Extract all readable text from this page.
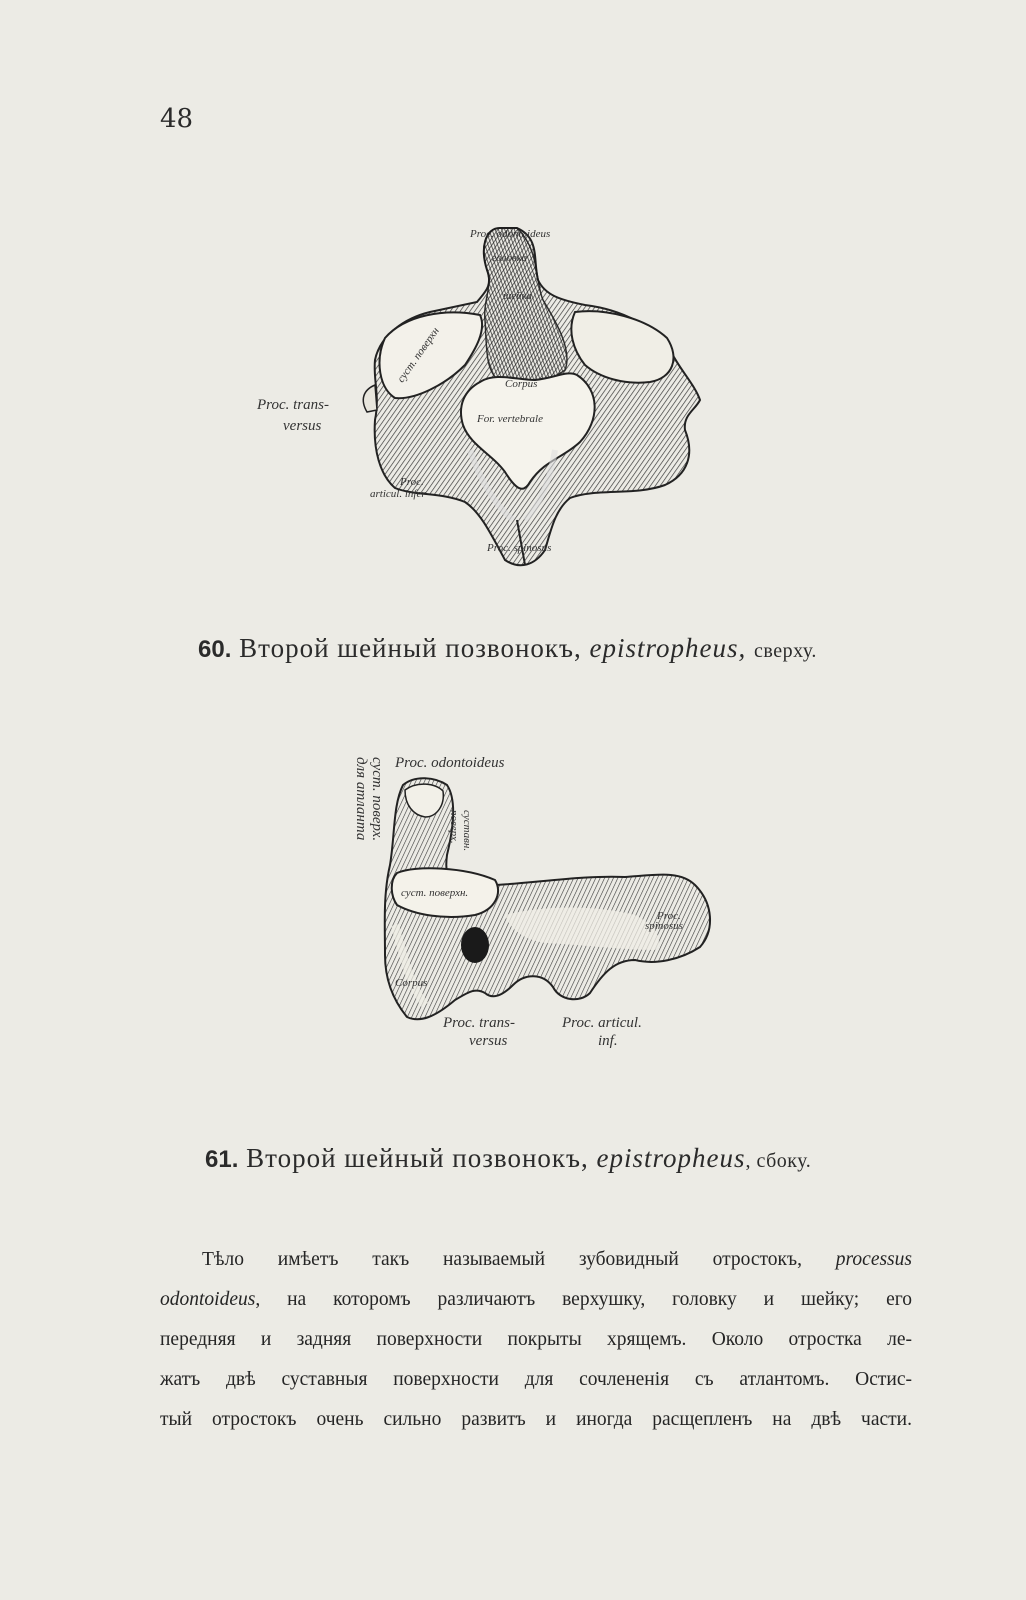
48
Proc. odontoideus
головка
шейка
суст. поверхн	Corpus
For. vertebrale
Proc. trans-
versus
Proc.
articul. infer
Proc. spinosus
60. Второй шейный позвонокъ, epistropheus, сверху.
Proc. odontoideus
суст. поверх.
для атланта	суставн.
поверх.
суст. поверхн.
Proc.
spinosus
Corpus
Proc. trans-
versus
Proc. articul.
inf.
61. Второй шейный позвонокъ, epistropheus, сбоку.
Тѣло имѣетъ такъ называемый зубовидный отростокъ, processus
odontoideus, на которомъ различаютъ верхушку, головку и шейку; его
передняя и задняя поверхности покрыты хрящемъ. Около отростка ле-
жатъ двѣ суставныя поверхности для сочлененія съ атлантомъ. Остис-
тый отростокъ очень сильно развитъ и иногда расщепленъ на двѣ части.
